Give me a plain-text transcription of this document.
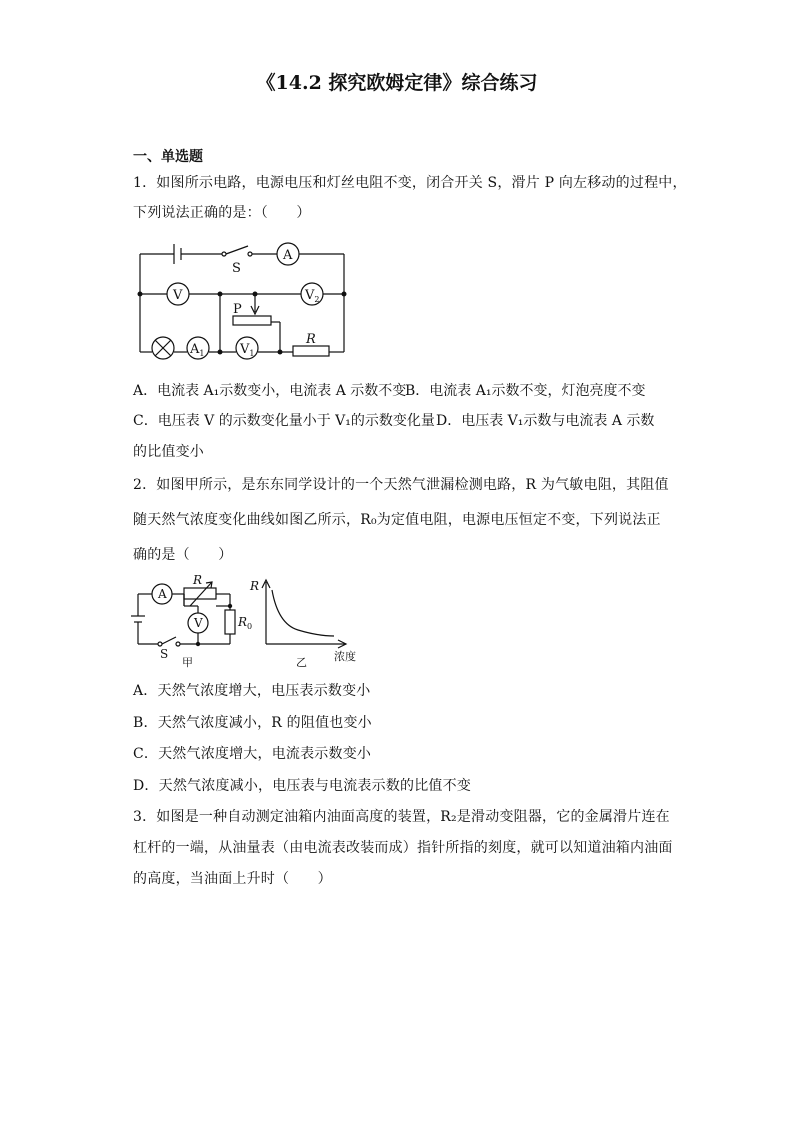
《14.2 探究欧姆定律》综合练习
一、单选题
1．如图所示电路，电源电压和灯丝电阻不变，闭合开关 S，滑片 P 向左移动的过程中，
下列说法正确的是：（　　）
S
A
V	$V_2$
P
$A_1$	$V_1$
R
A．电流表 A₁示数变小，电流表 A 示数不变B．电流表 A₁示数不变，灯泡亮度不变
C．电压表 V 的示数变化量小于 V₁的示数变化量D．电压表 V₁示数与电流表 A 示数
的比值变小
2．如图甲所示，是东东同学设计的一个天然气泄漏检测电路，R 为气敏电阻，其阻值
随天然气浓度变化曲线如图乙所示，R₀为定值电阻，电源电压恒定不变，下列说法正
确的是（　　）
A
R
$R_0$
V
S
甲
R
浓度
乙
A．天然气浓度增大，电压表示数变小
B．天然气浓度减小，R 的阻值也变小
C．天然气浓度增大，电流表示数变小
D．天然气浓度减小，电压表与电流表示数的比值不变
3．如图是一种自动测定油箱内油面高度的装置，R₂是滑动变阻器，它的金属滑片连在
杠杆的一端，从油量表（由电流表改装而成）指针所指的刻度，就可以知道油箱内油面
的高度，当油面上升时（　　）
